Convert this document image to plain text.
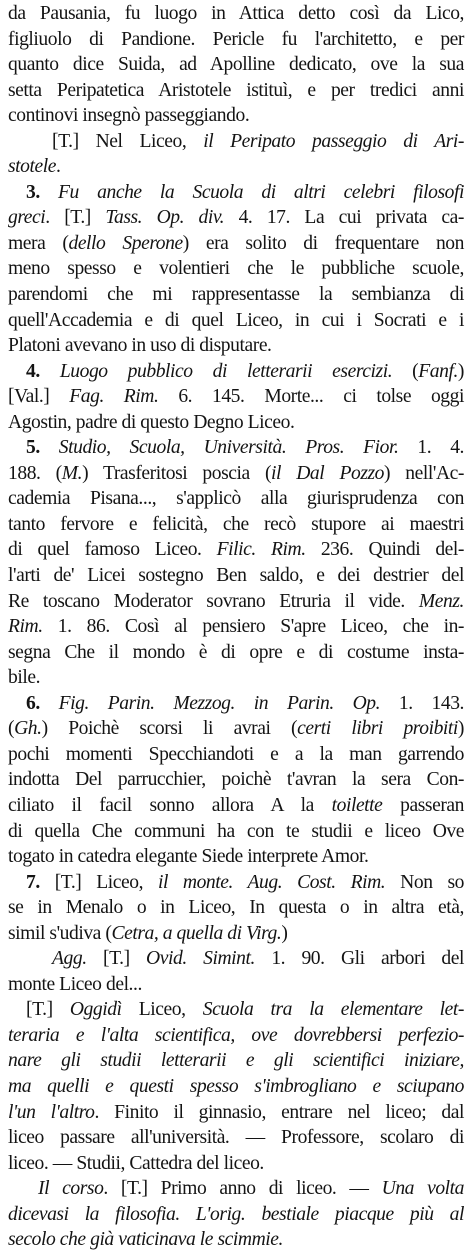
da Pausania, fu luogo in Attica detto così da Lico,
figliuolo di Pandione. Pericle fu l'architetto, e per
quanto dice Suida, ad Apolline dedicato, ove la sua
setta Peripatetica Aristotele istituì, e per tredici anni
continovi insegnò passeggiando.
[T.] Nel Liceo, il Peripato passeggio di Ari-
stotele.
3. Fu anche la Scuola di altri celebri filosofi
greci. [T.] Tass. Op. div. 4. 17. La cui privata ca-
mera (dello Sperone) era solito di frequentare non
meno spesso e volentieri che le pubbliche scuole,
parendomi che mi rappresentasse la sembianza di
quell'Accademia e di quel Liceo, in cui i Socrati e i
Platoni avevano in uso di disputare.
4. Luogo pubblico di letterarii esercizi. (Fanf.)
[Val.] Fag. Rim. 6. 145. Morte... ci tolse oggi
Agostin, padre di questo Degno Liceo.
5. Studio, Scuola, Università. Pros. Fior. 1. 4.
188. (M.) Trasferitosi poscia (il Dal Pozzo) nell'Ac-
cademia Pisana..., s'applicò alla giurisprudenza con
tanto fervore e felicità, che recò stupore ai maestri
di quel famoso Liceo. Filic. Rim. 236. Quindi del-
l'arti de' Licei sostegno Ben saldo, e dei destrier del
Re toscano Moderator sovrano Etruria il vide. Menz.
Rim. 1. 86. Così al pensiero S'apre Liceo, che in-
segna Che il mondo è di opre e di costume insta-
bile.
6. Fig. Parin. Mezzog. in Parin. Op. 1. 143.
(Gh.) Poichè scorsi li avrai (certi libri proibiti)
pochi momenti Specchiandoti e a la man garrendo
indotta Del parrucchier, poichè t'avran la sera Con-
ciliato il facil sonno allora A la toilette passeran
di quella Che communi ha con te studii e liceo Ove
togato in catedra elegante Siede interprete Amor.
7. [T.] Liceo, il monte. Aug. Cost. Rim. Non so
se in Menalo o in Liceo, In questa o in altra età,
simil s'udiva (Cetra, a quella di Virg.)
Agg. [T.] Ovid. Simint. 1. 90. Gli arbori del
monte Liceo del...
[T.] Oggidì Liceo, Scuola tra la elementare let-
teraria e l'alta scientifica, ove dovrebbersi perfezio-
nare gli studii letterarii e gli scientifici iniziare,
ma quelli e questi spesso s'imbrogliano e sciupano
l'un l'altro. Finito il ginnasio, entrare nel liceo; dal
liceo passare all'università. — Professore, scolaro di
liceo. — Studii, Cattedra del liceo.
Il corso. [T.] Primo anno di liceo. — Una volta
dicevasi la filosofia. L'orig. bestiale piacque più al
secolo che già vaticinava le scimmie.
